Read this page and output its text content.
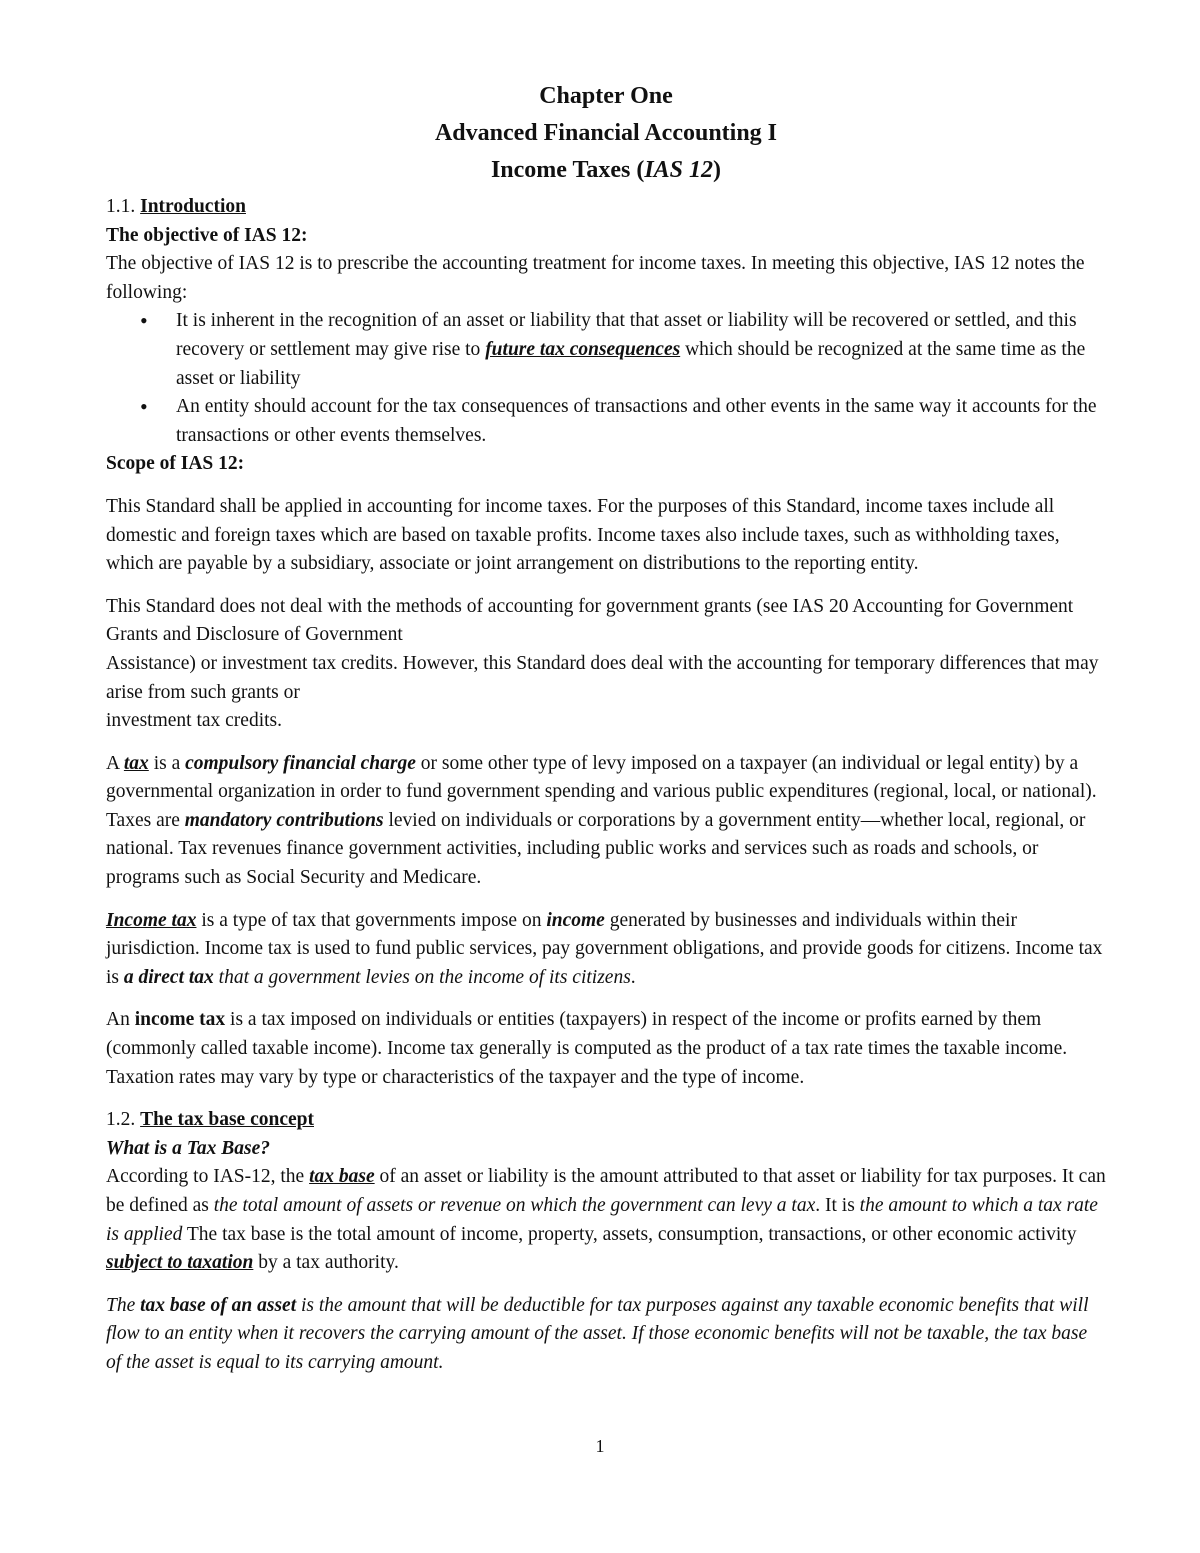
Chapter One
Advanced Financial Accounting I
Income Taxes (IAS 12)

1.1. Introduction

The objective of IAS 12:

The objective of IAS 12 is to prescribe the accounting treatment for income taxes. In meeting this objective, IAS 12 notes the following:

• It is inherent in the recognition of an asset or liability that that asset or liability will be recovered or settled, and this recovery or settlement may give rise to future tax consequences which should be recognized at the same time as the asset or liability
• An entity should account for the tax consequences of transactions and other events in the same way it accounts for the transactions or other events themselves.

Scope of IAS 12:

This Standard shall be applied in accounting for income taxes. For the purposes of this Standard, income taxes include all domestic and foreign taxes which are based on taxable profits. Income taxes also include taxes, such as withholding taxes, which are payable by a subsidiary, associate or joint arrangement on distributions to the reporting entity.

This Standard does not deal with the methods of accounting for government grants (see IAS 20 Accounting for Government Grants and Disclosure of Government
Assistance) or investment tax credits. However, this Standard does deal with the accounting for temporary differences that may arise from such grants or
investment tax credits.

A tax is a compulsory financial charge or some other type of levy imposed on a taxpayer (an individual or legal entity) by a governmental organization in order to fund government spending and various public expenditures (regional, local, or national). Taxes are mandatory contributions levied on individuals or corporations by a government entity—whether local, regional, or national. Tax revenues finance government activities, including public works and services such as roads and schools, or programs such as Social Security and Medicare.

Income tax is a type of tax that governments impose on income generated by businesses and individuals within their jurisdiction. Income tax is used to fund public services, pay government obligations, and provide goods for citizens. Income tax is a direct tax that a government levies on the income of its citizens.

An income tax is a tax imposed on individuals or entities (taxpayers) in respect of the income or profits earned by them (commonly called taxable income). Income tax generally is computed as the product of a tax rate times the taxable income. Taxation rates may vary by type or characteristics of the taxpayer and the type of income.

1.2. The tax base concept

What is a Tax Base?

According to IAS-12, the tax base of an asset or liability is the amount attributed to that asset or liability for tax purposes. It can be defined as the total amount of assets or revenue on which the government can levy a tax. It is the amount to which a tax rate is applied The tax base is the total amount of income, property, assets, consumption, transactions, or other economic activity subject to taxation by a tax authority.

The tax base of an asset is the amount that will be deductible for tax purposes against any taxable economic benefits that will flow to an entity when it recovers the carrying amount of the asset. If those economic benefits will not be taxable, the tax base of the asset is equal to its carrying amount.

1
